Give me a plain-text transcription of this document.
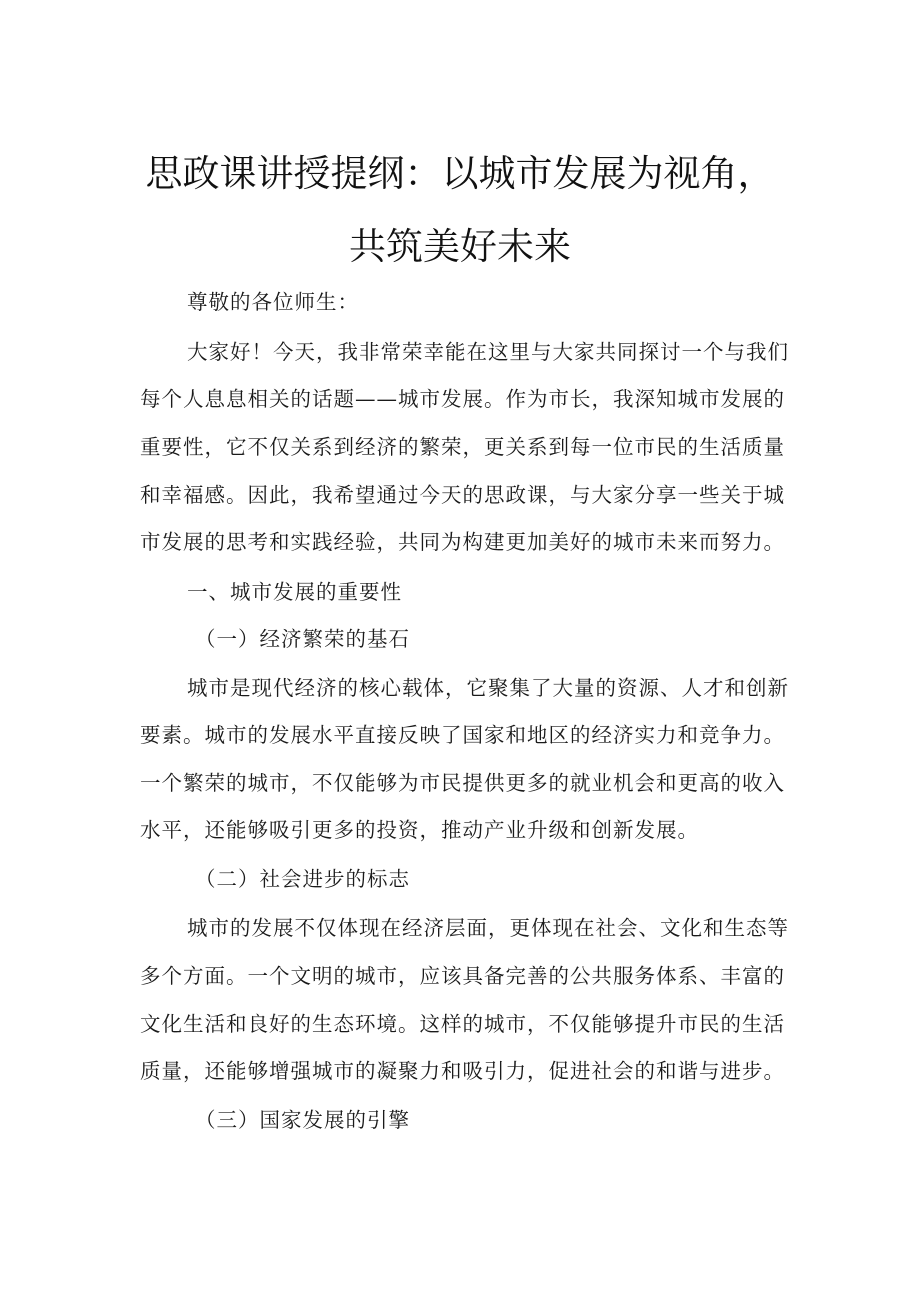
思政课讲授提纲：以城市发展为视角，
共筑美好未来
尊敬的各位师生：
大家好！今天，我非常荣幸能在这里与大家共同探讨一个与我们
每个人息息相关的话题——城市发展。作为市长，我深知城市发展的
重要性，它不仅关系到经济的繁荣，更关系到每一位市民的生活质量
和幸福感。因此，我希望通过今天的思政课，与大家分享一些关于城
市发展的思考和实践经验，共同为构建更加美好的城市未来而努力。
一、城市发展的重要性
（一）经济繁荣的基石
城市是现代经济的核心载体，它聚集了大量的资源、人才和创新
要素。城市的发展水平直接反映了国家和地区的经济实力和竞争力。
一个繁荣的城市，不仅能够为市民提供更多的就业机会和更高的收入
水平，还能够吸引更多的投资，推动产业升级和创新发展。
（二）社会进步的标志
城市的发展不仅体现在经济层面，更体现在社会、文化和生态等
多个方面。一个文明的城市，应该具备完善的公共服务体系、丰富的
文化生活和良好的生态环境。这样的城市，不仅能够提升市民的生活
质量，还能够增强城市的凝聚力和吸引力，促进社会的和谐与进步。
（三）国家发展的引擎
